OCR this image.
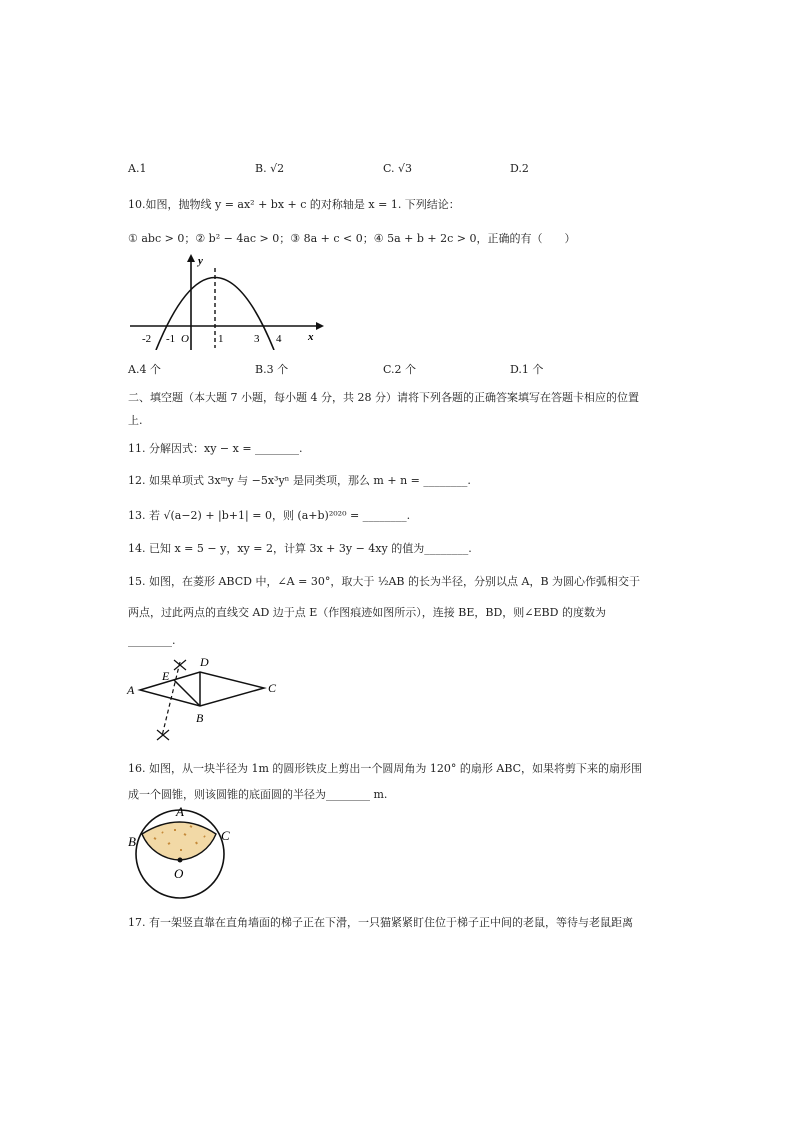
A.1	B. √2	C. √3	D.2
10.如图，抛物线 y = ax² + bx + c 的对称轴是 x = 1. 下列结论：
① abc > 0；② b² − 4ac > 0；③ 8a + c < 0；④ 5a + b + 2c > 0，正确的有（　　）
y
x
O
-2 -1	1	3 4
A.4 个	B.3 个	C.2 个	D.1 个
二、填空题（本大题 7 小题，每小题 4 分，共 28 分）请将下列各题的正确答案填写在答题卡相应的位置
上.
11. 分解因式：xy − x = ________.
12. 如果单项式 3xᵐy 与 −5x³yⁿ 是同类项，那么 m + n = ________.
13. 若 √(a−2) + |b+1| = 0，则 (a+b)²⁰²⁰ = ________.
14. 已知 x = 5 − y，xy = 2，计算 3x + 3y − 4xy 的值为________.
15. 如图，在菱形 ABCD 中，∠A = 30°，取大于 ½AB 的长为半径，分别以点 A，B 为圆心作弧相交于
两点，过此两点的直线交 AD 边于点 E（作图痕迹如图所示），连接 BE，BD，则∠EBD 的度数为
________.
A
E
D
C
B
16. 如图，从一块半径为 1m 的圆形铁皮上剪出一个圆周角为 120° 的扇形 ABC，如果将剪下来的扇形围
成一个圆锥，则该圆锥的底面圆的半径为________ m.
A
B	C
O
17. 有一架竖直靠在直角墙面的梯子正在下滑，一只猫紧紧盯住位于梯子正中间的老鼠，等待与老鼠距离
